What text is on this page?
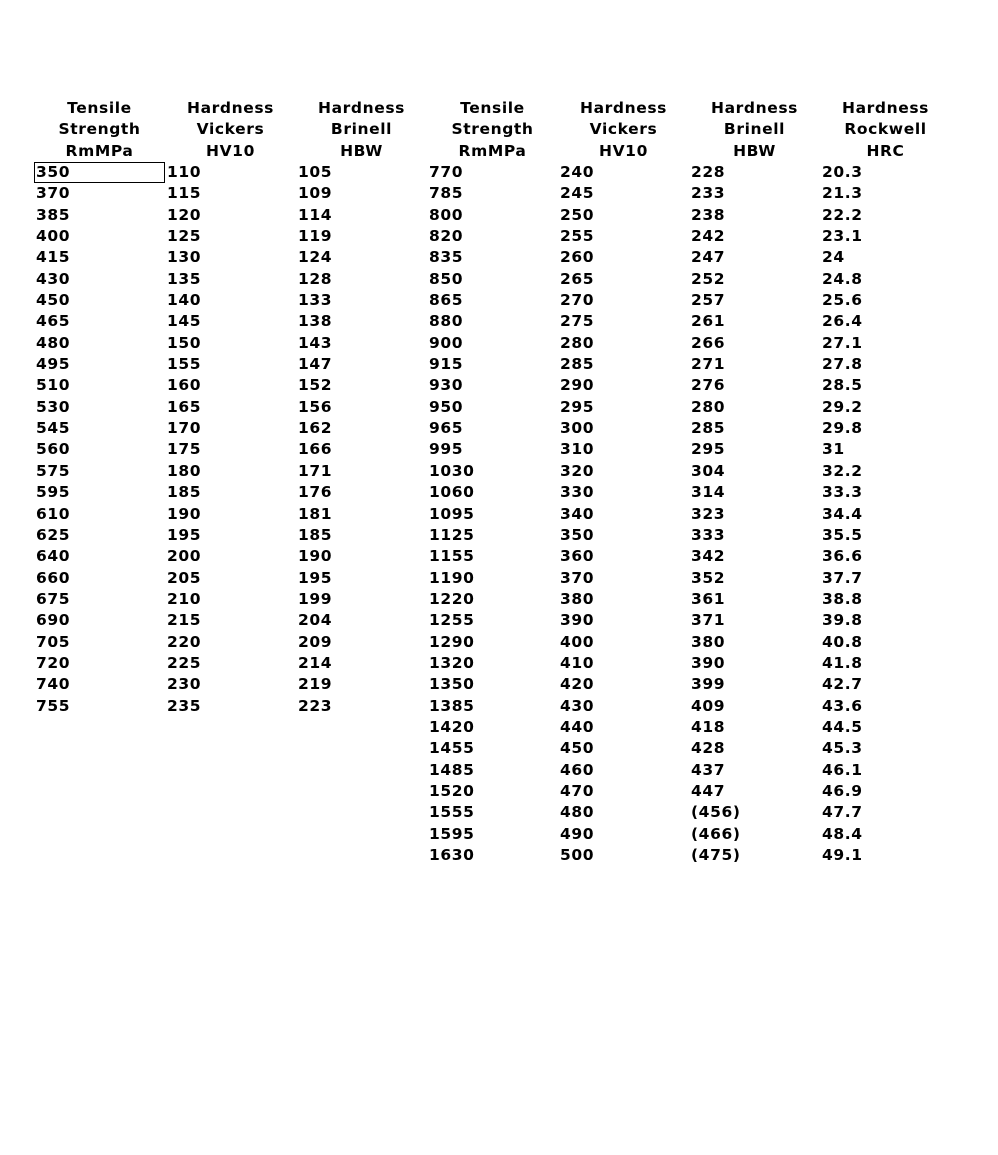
Tensile
Strength
RmMPa
Hardness
Vickers
HV10
Hardness
Brinell
HBW
Tensile
Strength
RmMPa
Hardness
Vickers
HV10
Hardness
Brinell
HBW
Hardness
Rockwell
HRC
350
370
385
400
415
430
450
465
480
495
510
530
545
560
575
595
610
625
640
660
675
690
705
720
740
755
110
115
120
125
130
135
140
145
150
155
160
165
170
175
180
185
190
195
200
205
210
215
220
225
230
235
105
109
114
119
124
128
133
138
143
147
152
156
162
166
171
176
181
185
190
195
199
204
209
214
219
223
770
785
800
820
835
850
865
880
900
915
930
950
965
995
1030
1060
1095
1125
1155
1190
1220
1255
1290
1320
1350
1385
1420
1455
1485
1520
1555
1595
1630
240
245
250
255
260
265
270
275
280
285
290
295
300
310
320
330
340
350
360
370
380
390
400
410
420
430
440
450
460
470
480
490
500
228
233
238
242
247
252
257
261
266
271
276
280
285
295
304
314
323
333
342
352
361
371
380
390
399
409
418
428
437
447
(456)
(466)
(475)
20.3
21.3
22.2
23.1
24
24.8
25.6
26.4
27.1
27.8
28.5
29.2
29.8
31
32.2
33.3
34.4
35.5
36.6
37.7
38.8
39.8
40.8
41.8
42.7
43.6
44.5
45.3
46.1
46.9
47.7
48.4
49.1
